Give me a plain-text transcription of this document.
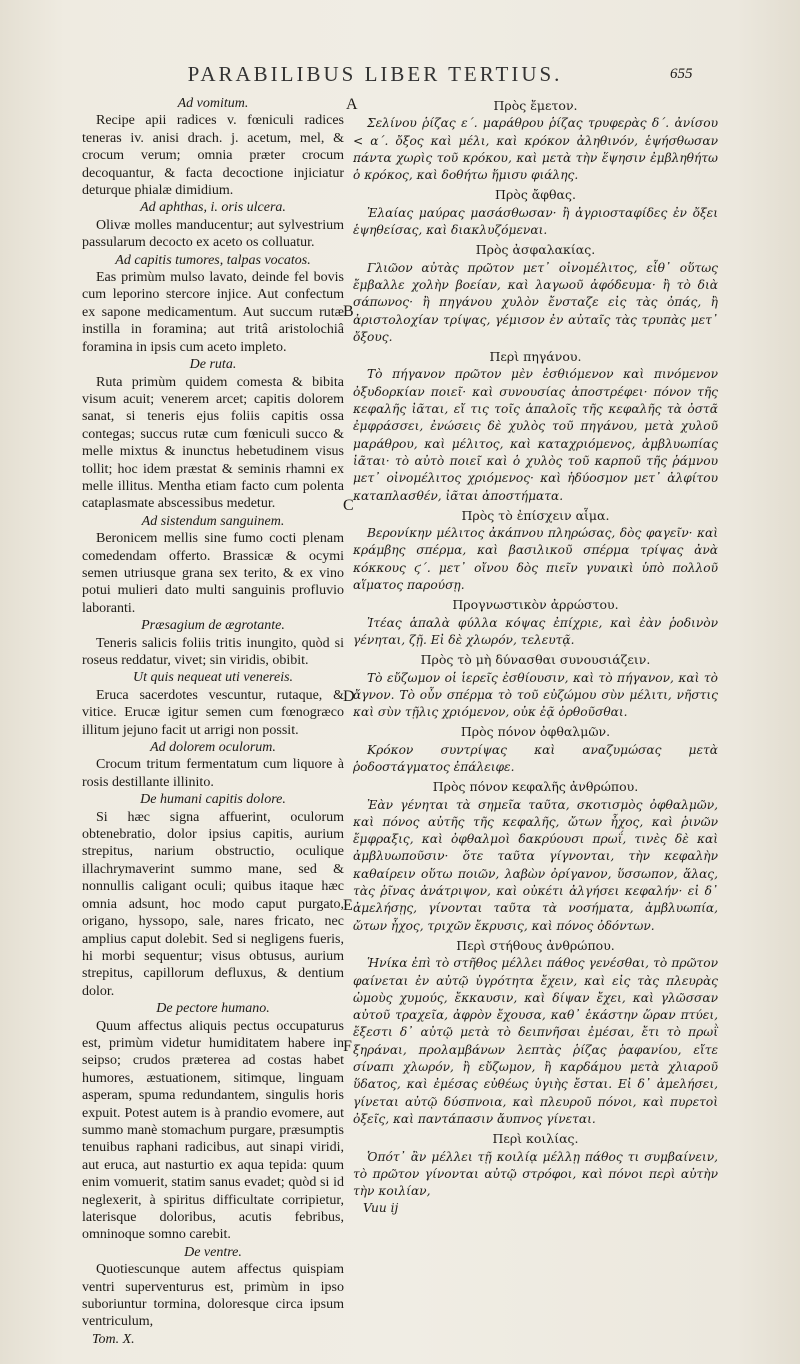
PARABILIBUS LIBER TERTIUS.	655
A
B
C
D
E
F
Ad vomitum.

Recipe apii radices v. fœniculi radices teneras iv. anisi drach. j. acetum, mel, & crocum verum; omnia præter crocum decoquantur, & facta decoctione injiciatur deturque phialæ dimidium.

Ad aphthas, i. oris ulcera.

Olivæ molles manducentur; aut sylvestrium passularum decocto ex aceto os colluatur.

Ad capitis tumores, talpas vocatos.

Eas primùm mulso lavato, deinde fel bovis cum leporino stercore injice. Aut confectum ex sapone medicamentum. Aut succum rutæ instilla in foramina; aut tritâ aristolochiâ foramina in ipsis cum aceto impleto.

De ruta.

Ruta primùm quidem comesta & bibita visum acuit; venerem arcet; capitis dolorem sanat, si teneris ejus foliis capitis ossa contegas; succus rutæ cum fœniculi succo & melle mixtus & inunctus hebetudinem visus tollit; hoc idem præstat & seminis rhamni ex melle illitus. Mentha etiam facto cum polenta cataplasmate abscessibus medetur.

Ad sistendum sanguinem.

Beronicem mellis sine fumo cocti plenam comedendam offerto. Brassicæ & ocymi semen utriusque grana sex terito, & ex vino potui mulieri dato multi sanguinis profluvio laboranti.

Præsagium de ægrotante.

Teneris salicis foliis tritis inungito, quòd si roseus reddatur, vivet; sin viridis, obibit.

Ut quis nequeat uti venereis.

Eruca sacerdotes vescuntur, rutaque, & vitice. Erucæ igitur semen cum fœnogræco illitum jejuno facit ut arrigi non possit.

Ad dolorem oculorum.

Crocum tritum fermentatum cum liquore à rosis destillante illinito.

De humani capitis dolore.

Si hæc signa affuerint, oculorum obtenebratio, dolor ipsius capitis, aurium strepitus, narium obstructio, oculique illachrymaverint summo mane, sed & nonnullis caligant oculi; quibus itaque hæc omnia adsunt, hoc modo caput purgato, origano, hyssopo, sale, nares fricato, nec amplius caput dolebit. Sed si negligens fueris, hi morbi sequentur; visus obtusus, aurium strepitus, capillorum defluxus, & dentium dolor.

De pectore humano.

Quum affectus aliquis pectus occupaturus est, primùm videtur humiditatem habere in seipso; crudos præterea ad costas habet humores, æstuationem, sitimque, linguam asperam, spuma redundantem, singulis horis expuit. Potest autem is à prandio evomere, aut summo manè stomachum purgare, præsumptis tenuibus raphani radicibus, aut sinapi viridi, aut eruca, aut nasturtio ex aqua tepida: quum enim vomuerit, statim sanus evadet; quòd si id neglexerit, à spiritus difficultate corripietur, laterisque doloribus, acutis febribus, omninoque somno carebit.

De ventre.

Quotiescunque autem affectus quispiam ventri superventurus est, primùm in ipso suboriuntur tormina, doloresque circa ipsum ventriculum,

Tom. X.
Πρὸς ἔμετον.

Σελίνου ῥίζας ε΄. μαράθρου ῥίζας τρυφερὰς δ΄. ἀνίσου < α΄. ὄξος καὶ μέλι, καὶ κρόκον ἀληθινόν, ἑψήσθωσαν πάντα χωρὶς τοῦ κρόκου, καὶ μετὰ τὴν ἕψησιν ἐμβληθήτω ὁ κρόκος, καὶ δοθήτω ἥμισυ φιάλης.

Πρὸς ἄφθας.

Ἐλαίας μαύρας μασάσθωσαν· ἢ ἀγριοσταφίδες ἐν ὄξει ἑψηθείσας, καὶ διακλυζόμεναι.

Πρὸς ἀσφαλακίας.

Γλιῶον αὐτὰς πρῶτον μετ᾽ οἰνομέλιτος, εἶθ᾽ οὕτως ἔμβαλλε χολὴν βοείαν, καὶ λαγωοῦ ἀφόδευμα· ἢ τὸ διὰ σάπωνος· ἢ πηγάνου χυλὸν ἔνσταζε εἰς τὰς ὀπάς, ἢ ἀριστολοχίαν τρίψας, γέμισον ἐν αὐταῖς τὰς τρυπὰς μετ᾽ ὄξους.

Περὶ πηγάνου.

Τὸ πήγανον πρῶτον μὲν ἐσθιόμενον καὶ πινόμενον ὀξυδορκίαν ποιεῖ· καὶ συνουσίας ἀποστρέφει· πόνον τῆς κεφαλῆς ἰᾶται, εἴ τις τοῖς ἁπαλοῖς τῆς κεφαλῆς τὰ ὀστᾶ ἐμφράσσει, ἐνώσεις δὲ χυλὸς τοῦ πηγάνου, μετὰ χυλοῦ μαράθρου, καὶ μέλιτος, καὶ καταχριόμενος, ἀμβλυωπίας ἰᾶται· τὸ αὐτὸ ποιεῖ καὶ ὁ χυλὸς τοῦ καρποῦ τῆς ῥάμνου μετ᾽ οἰνομέλιτος χριόμενος· καὶ ἡδύοσμον μετ᾽ ἀλφίτου καταπλασθέν, ἰᾶται ἀποστήματα.

Πρὸς τὸ ἐπίσχειν αἷμα.

Βερονίκην μέλιτος ἀκάπνου πληρώσας, δὸς φαγεῖν· καὶ κράμβης σπέρμα, καὶ βασιλικοῦ σπέρμα τρίψας ἀνὰ κόκκους ϛ΄. μετ᾽ οἴνου δὸς πιεῖν γυναικὶ ὑπὸ πολλοῦ αἵματος παρούσῃ.

Προγνωστικὸν ἀρρώστου.

Ἰτέας ἁπαλὰ φύλλα κόψας ἐπίχριε, καὶ ἐὰν ῥοδινὸν γένηται, ζῇ. Εἰ δὲ χλωρόν, τελευτᾷ.

Πρὸς τὸ μὴ δύνασθαι συνουσιάζειν.

Τὸ εὔζωμον οἱ ἱερεῖς ἐσθίουσιν, καὶ τὸ πήγανον, καὶ τὸ ἄγνον. Τὸ οὖν σπέρμα τὸ τοῦ εὐζώμου σὺν μέλιτι, νῆστις καὶ σὺν τῇλις χριόμενον, οὐκ ἐᾷ ὀρθοῦσθαι.

Πρὸς πόνον ὀφθαλμῶν.

Κρόκον συντρίψας καὶ αναζυμώσας μετὰ ῥοδοστάγματος ἐπάλειφε.

Πρὸς πόνον κεφαλῆς ἀνθρώπου.

Ἐὰν γένηται τὰ σημεῖα ταῦτα, σκοτισμὸς ὀφθαλμῶν, καὶ πόνος αὐτῆς τῆς κεφαλῆς, ὤτων ἦχος, καὶ ῥινῶν ἔμφραξις, καὶ ὀφθαλμοὶ δακρύουσι πρωΐ, τινὲς δὲ καὶ ἀμβλυωποῦσιν· ὅτε ταῦτα γίγνονται, τὴν κεφαλὴν καθαίρειν οὕτω ποιῶν, λαβὼν ὀρίγανον, ὕσσωπον, ἅλας, τὰς ῥῖνας ἀνάτριψον, καὶ οὐκέτι ἀλγήσει κεφαλήν· εἰ δ᾽ ἀμελήσῃς, γίνονται ταῦτα τὰ νοσήματα, ἀμβλυωπία, ὤτων ἦχος, τριχῶν ἔκρυσις, καὶ πόνος ὀδόντων.

Περὶ στήθους ἀνθρώπου.

Ἡνίκα ἐπὶ τὸ στῆθος μέλλει πάθος γενέσθαι, τὸ πρῶτον φαίνεται ἐν αὐτῷ ὑγρότητα ἔχειν, καὶ εἰς τὰς πλευρὰς ὠμοὺς χυμούς, ἔκκαυσιν, καὶ δίψαν ἔχει, καὶ γλῶσσαν αὐτοῦ τραχεῖα, ἀφρὸν ἔχουσα, καθ᾽ ἑκάστην ὥραν πτύει, ἔξεστι δ᾽ αὐτῷ μετὰ τὸ δειπνῆσαι ἐμέσαι, ἔτι τὸ πρωῒ ξηράναι, προλαμβάνων λεπτὰς ῥίζας ῥαφανίου, εἴτε σίναπι χλωρόν, ἢ εὔζωμον, ἢ καρδάμου μετὰ χλιαροῦ ὕδατος, καὶ ἐμέσας εὐθέως ὑγιὴς ἔσται. Εἰ δ᾽ ἀμελήσει, γίνεται αὐτῷ δύσπνοια, καὶ πλευροῦ πόνοι, καὶ πυρετοὶ ὀξεῖς, καὶ παντάπασιν ἄυπνος γίνεται.

Περὶ κοιλίας.

Ὁπότ᾽ ἂν μέλλει τῇ κοιλίᾳ μέλλῃ πάθος τι συμβαίνειν, τὸ πρῶτον γίνονται αὐτῷ στρόφοι, καὶ πόνοι περὶ αὐτὴν τὴν κοιλίαν,

Vuu ij
